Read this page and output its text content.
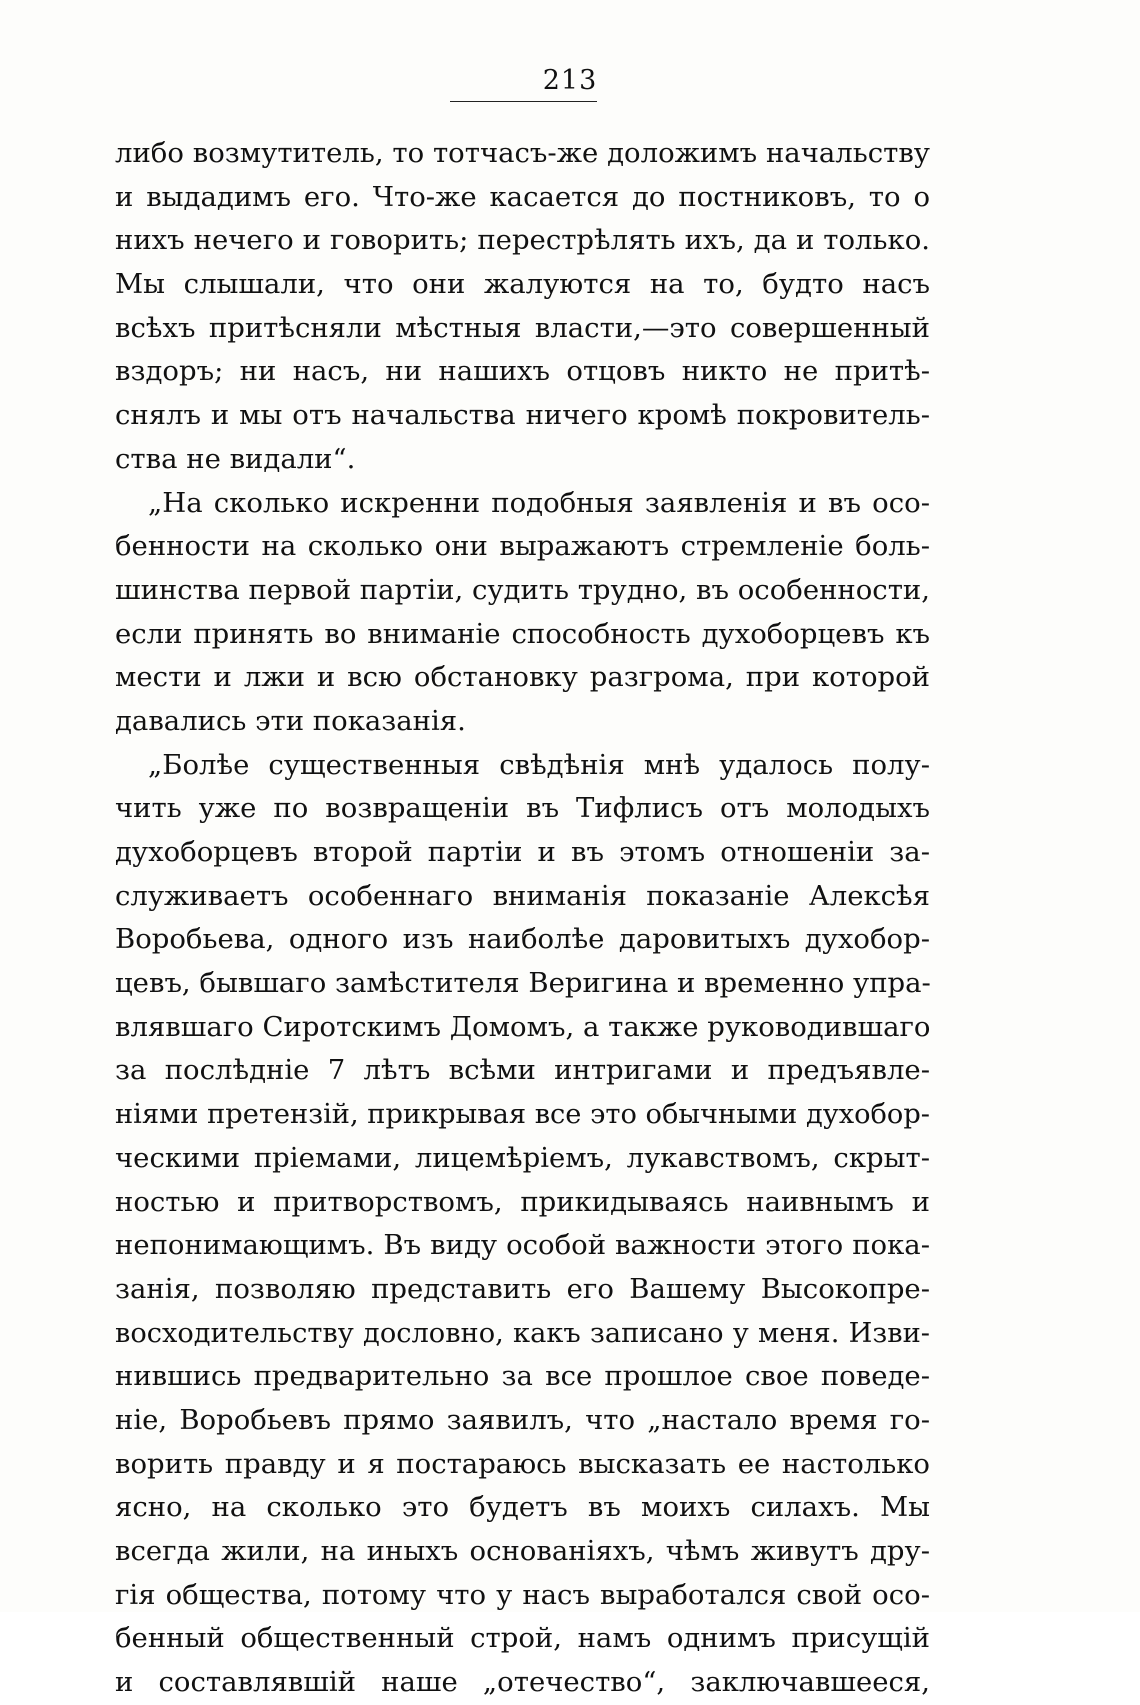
213
либо возмутитель, то тотчасъ-же доложимъ начальству
и выдадимъ его. Что-же касается до постниковъ, то о
нихъ нечего и говорить; перестрѣлять ихъ, да и только.
Мы слышали, что они жалуются на то, будто насъ
всѣхъ притѣсняли мѣстныя власти,—это совершенный
вздоръ; ни насъ, ни нашихъ отцовъ никто не притѣ-
снялъ и мы отъ начальства ничего кромѣ покровитель-
ства не видали“.
„На сколько искренни подобныя заявленія и въ осо-
бенности на сколько они выражаютъ стремленіе боль-
шинства первой партіи, судить трудно, въ особенности,
если принять во вниманіе способность духоборцевъ къ
мести и лжи и всю обстановку разгрома, при которой
давались эти показанія.
„Болѣе существенныя свѣдѣнія мнѣ удалось полу-
чить уже по возвращеніи въ Тифлисъ отъ молодыхъ
духоборцевъ второй партіи и въ этомъ отношеніи за-
служиваетъ особеннаго вниманія показаніе Алексѣя
Воробьева, одного изъ наиболѣе даровитыхъ духобор-
цевъ, бывшаго замѣстителя Веригина и временно упра-
влявшаго Сиротскимъ Домомъ, а также руководившаго
за послѣдніе 7 лѣтъ всѣми интригами и предъявле-
ніями претензій, прикрывая все это обычными духобор-
ческими пріемами, лицемѣріемъ, лукавствомъ, скрыт-
ностью и притворствомъ, прикидываясь наивнымъ и
непонимающимъ. Въ виду особой важности этого пока-
занія, позволяю представить его Вашему Высокопре-
восходительству дословно, какъ записано у меня. Изви-
нившись предварительно за все прошлое свое поведе-
ніе, Воробьевъ прямо заявилъ, что „настало время го-
ворить правду и я постараюсь высказать ее настолько
ясно, на сколько это будетъ въ моихъ силахъ. Мы
всегда жили, на иныхъ основаніяхъ, чѣмъ живутъ дру-
гія общества, потому что у насъ выработался свой осо-
бенный общественный строй, намъ однимъ присущій
и составлявшій наше „отечество“, заключавшееся,
